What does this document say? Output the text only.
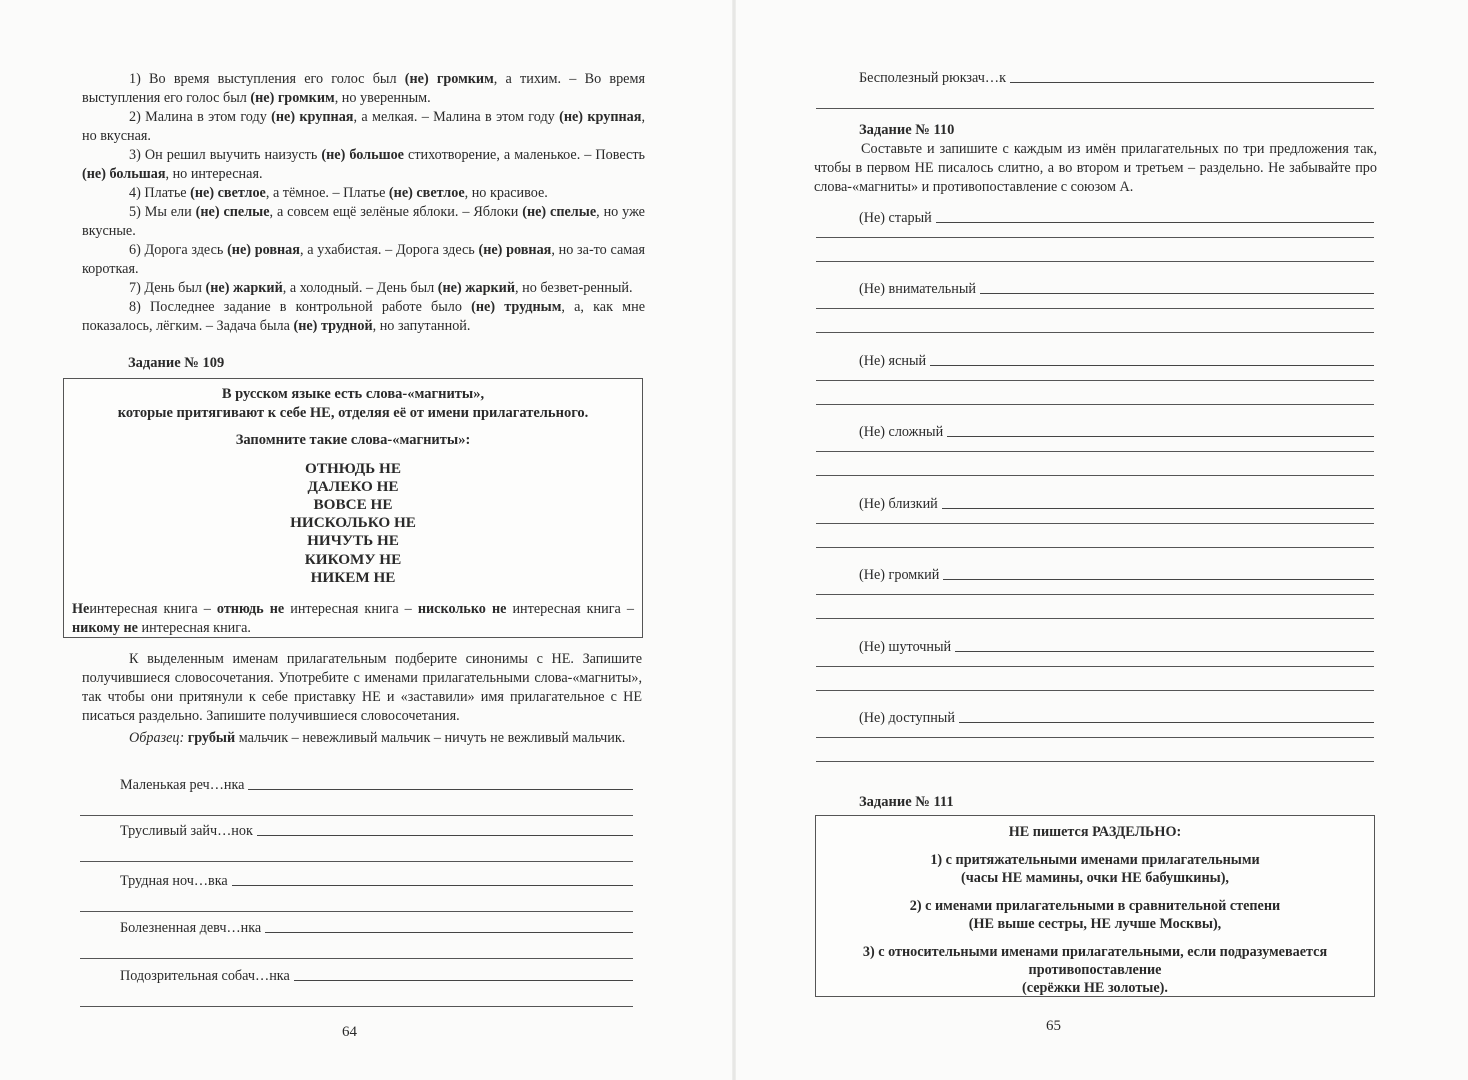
1) Во время выступления его голос был (не) громким, а тихим. – Во время выступления его голос был (не) громким, но уверенным.

2) Малина в этом году (не) крупная, а мелкая. – Малина в этом году (не) крупная, но вкусная.

3) Он решил выучить наизусть (не) большое стихотворение, а маленькое. – Повесть (не) большая, но интересная.

4) Платье (не) светлое, а тёмное. – Платье (не) светлое, но красивое.

5) Мы ели (не) спелые, а совсем ещё зелёные яблоки. – Яблоки (не) спелые, но уже вкусные.

6) Дорога здесь (не) ровная, а ухабистая. – Дорога здесь (не) ровная, но за-то самая короткая.

7) День был (не) жаркий, а холодный. – День был (не) жаркий, но безвет-ренный.

8) Последнее задание в контрольной работе было (не) трудным, а, как мне показалось, лёгким. – Задача была (не) трудной, но запутанной.

Задание № 109

В русском языке есть слова-«магниты»,

которые притягивают к себе НЕ, отделяя её от имени прилагательного.

Запомните такие слова-«магниты»:

ОТНЮДЬ НЕ
ДАЛЕКО НЕ
ВОВСЕ НЕ
НИСКОЛЬКО НЕ
НИЧУТЬ НЕ
КИКОМУ НЕ
НИКЕМ НЕ

Неинтересная книга – отнюдь не интересная книга – нисколько не интересная книга – никому не интересная книга.

К выделенным именам прилагательным подберите синонимы с НЕ. Запишите получившиеся словосочетания. Употребите с именами прилагательными слова-«магниты», так чтобы они притянули к себе приставку НЕ и «заставили» имя прилагательное с НЕ писаться раздельно. Запишите получившиеся словосочетания.

Образец: грубый мальчик – невежливый мальчик – ничуть не вежливый мальчик.

Маленькая реч…нка
Трусливый зайч…нок
Трудная ноч…вка
Болезненная девч…нка
Подозрительная собач…нка
64
Бесполезный рюкзач…к
Задание № 110

Составьте и запишите с каждым из имён прилагательных по три предложения так, чтобы в первом НЕ писалось слитно, а во втором и третьем – раздельно. Не забывайте про слова-«магниты» и противопоставление с союзом А.

(Не) старый
(Не) внимательный
(Не) ясный
(Не) сложный
(Не) близкий
(Не) громкий
(Не) шуточный
(Не) доступный
Задание № 111

НЕ пишется РАЗДЕЛЬНО:

1) с притяжательными именами прилагательными

(часы НЕ мамины, очки НЕ бабушкины),

2) с именами прилагательными в сравнительной степени

(НЕ выше сестры, НЕ лучше Москвы),

3) с относительными именами прилагательными, если подразумевается

противопоставление

(серёжки НЕ золотые).

65
